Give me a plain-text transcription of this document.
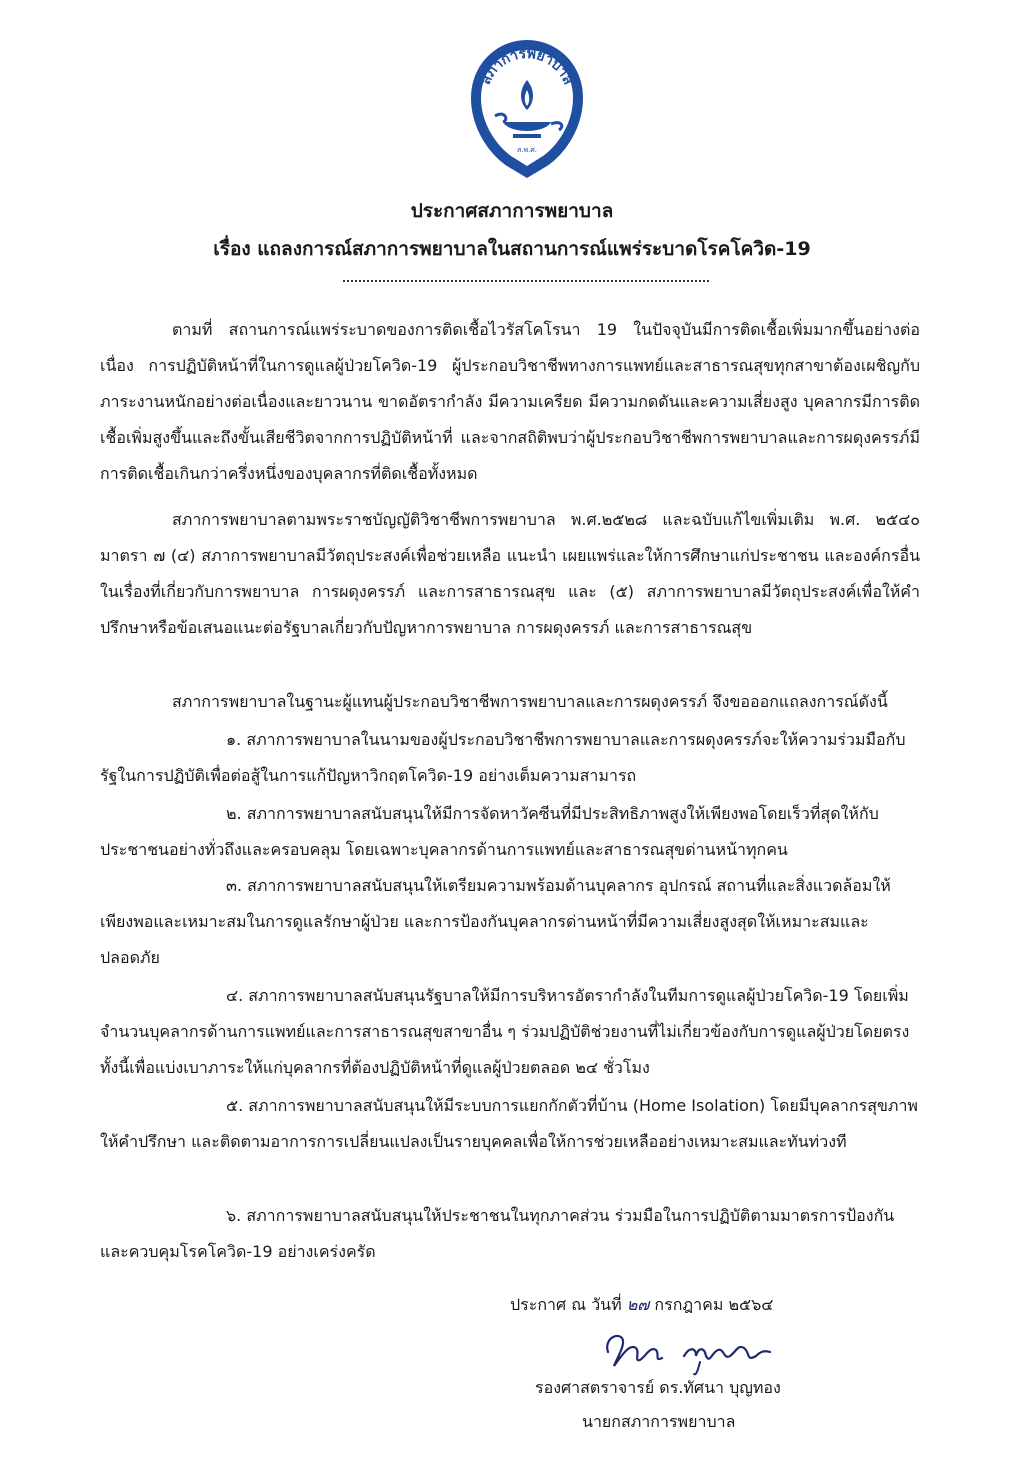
สภาการพยาบาล
ส.พ.ศ.
ประกาศสภาการพยาบาล
เรื่อง แถลงการณ์สภาการพยาบาลในสถานการณ์แพร่ระบาดโรคโควิด-19
ตามที่ สถานการณ์แพร่ระบาดของการติดเชื้อไวรัสโคโรนา 19 ในปัจจุบันมีการติดเชื้อเพิ่มมากขึ้นอย่างต่อเนื่อง การปฏิบัติหน้าที่ในการดูแลผู้ป่วยโควิด-19 ผู้ประกอบวิชาชีพทางการแพทย์และสาธารณสุขทุกสาขาต้องเผชิญกับภาระงานหนักอย่างต่อเนื่องและยาวนาน ขาดอัตรากำลัง มีความเครียด มีความกดดันและความเสี่ยงสูง บุคลากรมีการติดเชื้อเพิ่มสูงขึ้นและถึงขั้นเสียชีวิตจากการปฏิบัติหน้าที่ และจากสถิติพบว่าผู้ประกอบวิชาชีพการพยาบาลและการผดุงครรภ์มีการติดเชื้อเกินกว่าครึ่งหนึ่งของบุคลากรที่ติดเชื้อทั้งหมด
สภาการพยาบาลตามพระราชบัญญัติวิชาชีพการพยาบาล พ.ศ.๒๕๒๘ และฉบับแก้ไขเพิ่มเติม พ.ศ. ๒๕๔๐ มาตรา ๗ (๔) สภาการพยาบาลมีวัตถุประสงค์เพื่อช่วยเหลือ แนะนำ เผยแพร่และให้การศึกษาแก่ประชาชน และองค์กรอื่นในเรื่องที่เกี่ยวกับการพยาบาล การผดุงครรภ์ และการสาธารณสุข และ (๕) สภาการพยาบาลมีวัตถุประสงค์เพื่อให้คำปรึกษาหรือข้อเสนอแนะต่อรัฐบาลเกี่ยวกับปัญหาการพยาบาล การผดุงครรภ์ และการสาธารณสุข
สภาการพยาบาลในฐานะผู้แทนผู้ประกอบวิชาชีพการพยาบาลและการผดุงครรภ์ จึงขอออกแถลงการณ์ดังนี้
๑. สภาการพยาบาลในนามของผู้ประกอบวิชาชีพการพยาบาลและการผดุงครรภ์จะให้ความร่วมมือกับรัฐในการปฏิบัติเพื่อต่อสู้ในการแก้ปัญหาวิกฤตโควิด-19 อย่างเต็มความสามารถ
๒. สภาการพยาบาลสนับสนุนให้มีการจัดหาวัคซีนที่มีประสิทธิภาพสูงให้เพียงพอโดยเร็วที่สุดให้กับประชาชนอย่างทั่วถึงและครอบคลุม โดยเฉพาะบุคลากรด้านการแพทย์และสาธารณสุขด่านหน้าทุกคน
๓. สภาการพยาบาลสนับสนุนให้เตรียมความพร้อมด้านบุคลากร อุปกรณ์ สถานที่และสิ่งแวดล้อมให้เพียงพอและเหมาะสมในการดูแลรักษาผู้ป่วย และการป้องกันบุคลากรด่านหน้าที่มีความเสี่ยงสูงสุดให้เหมาะสมและปลอดภัย
๔. สภาการพยาบาลสนับสนุนรัฐบาลให้มีการบริหารอัตรากำลังในทีมการดูแลผู้ป่วยโควิด-19 โดยเพิ่มจำนวนบุคลากรด้านการแพทย์และการสาธารณสุขสาขาอื่น ๆ ร่วมปฏิบัติช่วยงานที่ไม่เกี่ยวข้องกับการดูแลผู้ป่วยโดยตรง ทั้งนี้เพื่อแบ่งเบาภาระให้แก่บุคลากรที่ต้องปฏิบัติหน้าที่ดูแลผู้ป่วยตลอด ๒๔ ชั่วโมง
๕. สภาการพยาบาลสนับสนุนให้มีระบบการแยกกักตัวที่บ้าน (Home Isolation) โดยมีบุคลากรสุขภาพให้คำปรึกษา และติดตามอาการการเปลี่ยนแปลงเป็นรายบุคคลเพื่อให้การช่วยเหลืออย่างเหมาะสมและทันท่วงที
๖. สภาการพยาบาลสนับสนุนให้ประชาชนในทุกภาคส่วน ร่วมมือในการปฏิบัติตามมาตรการป้องกันและควบคุมโรคโควิด-19 อย่างเคร่งครัด
ประกาศ ณ วันที่ ๒๗ กรกฎาคม ๒๕๖๔
รองศาสตราจารย์ ดร.ทัศนา บุญทอง
นายกสภาการพยาบาล
